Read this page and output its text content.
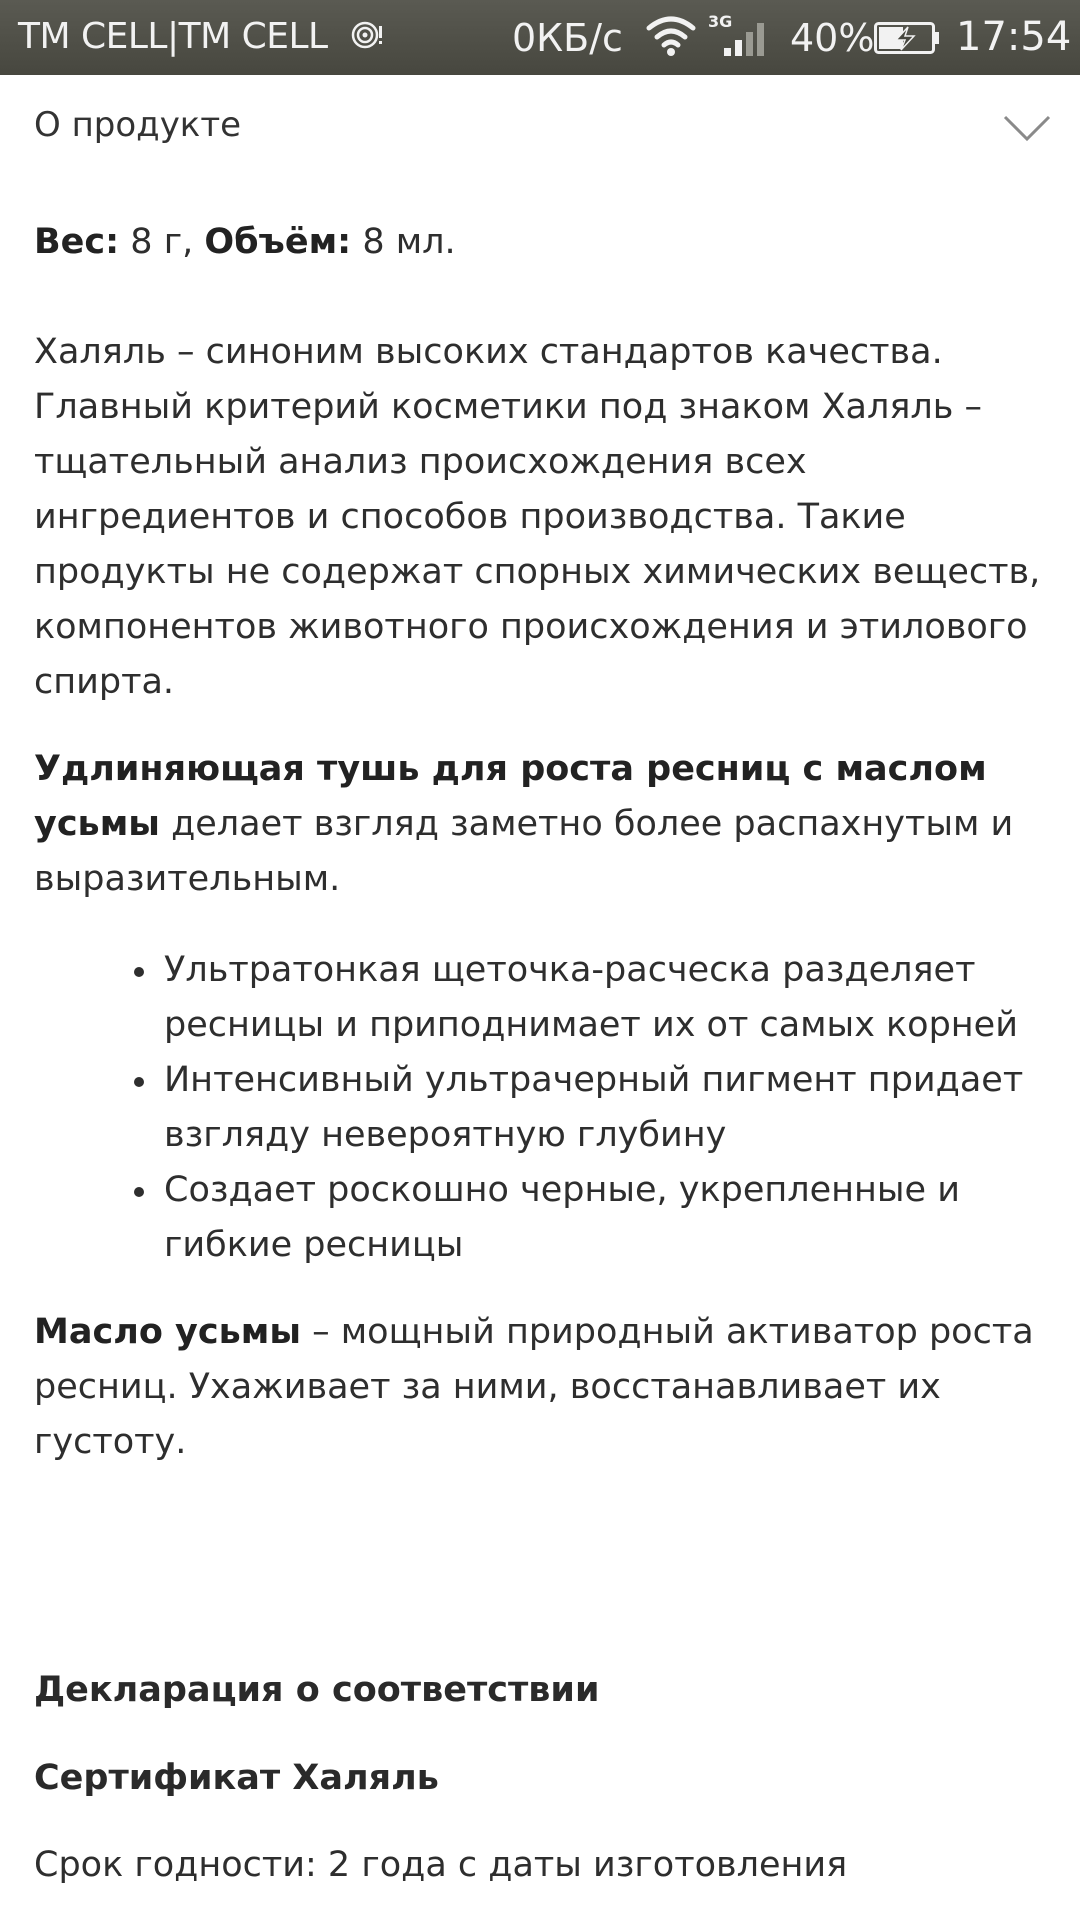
TM CELL|TM CELL	0КБ/с	3G 40% 17:54
О продукте

Вес: 8 г, Объём: 8 мл.

Халяль – синоним высоких стандартов качества. Главный критерий косметики под знаком Халяль – тщательный анализ происхождения всех ингредиентов и способов производства. Такие продукты не содержат спорных химических веществ, компонентов животного происхождения и этилового спирта.

Удлиняющая тушь для роста ресниц с маслом усьмы делает взгляд заметно более распахнутым и выразительным.

Ультратонкая щеточка-расческа разделяет ресницы и приподнимает их от самых корней
Интенсивный ультрачерный пигмент придает взгляду невероятную глубину
Создает роскошно черные, укрепленные и гибкие ресницы

Масло усьмы – мощный природный активатор роста ресниц. Ухаживает за ними, восстанавливает их густоту.

Декларация о соответствии
Сертификат Халяль
Срок годности: 2 года с даты изготовления
